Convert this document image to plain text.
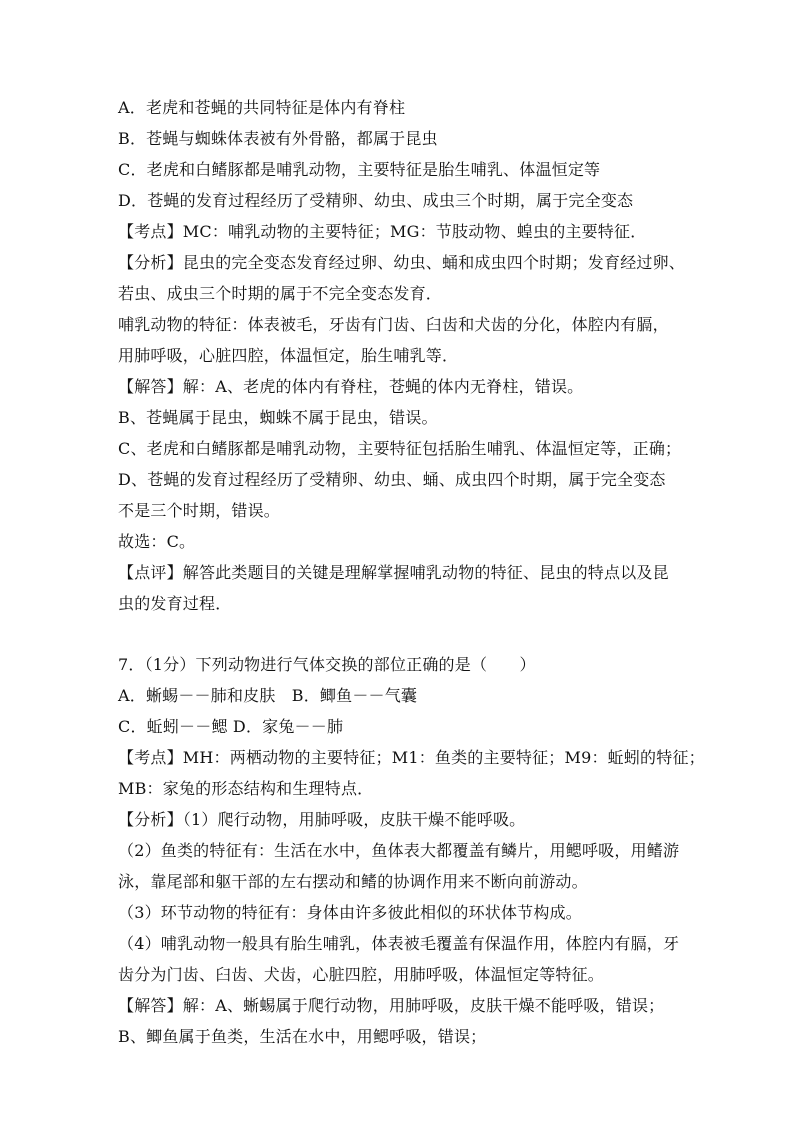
A．老虎和苍蝇的共同特征是体内有脊柱
B．苍蝇与蜘蛛体表被有外骨骼，都属于昆虫
C．老虎和白鳍豚都是哺乳动物，主要特征是胎生哺乳、体温恒定等
D．苍蝇的发育过程经历了受精卵、幼虫、成虫三个时期，属于完全变态
【考点】MC：哺乳动物的主要特征；MG：节肢动物、蝗虫的主要特征．
【分析】昆虫的完全变态发育经过卵、幼虫、蛹和成虫四个时期；发育经过卵、
若虫、成虫三个时期的属于不完全变态发育．
哺乳动物的特征：体表被毛，牙齿有门齿、臼齿和犬齿的分化，体腔内有膈，
用肺呼吸，心脏四腔，体温恒定，胎生哺乳等．
【解答】解：A、老虎的体内有脊柱，苍蝇的体内无脊柱，错误。
B、苍蝇属于昆虫，蜘蛛不属于昆虫，错误。
C、老虎和白鳍豚都是哺乳动物，主要特征包括胎生哺乳、体温恒定等，正确；
D、苍蝇的发育过程经历了受精卵、幼虫、蛹、成虫四个时期，属于完全变态
不是三个时期，错误。
故选：C。
【点评】解答此类题目的关键是理解掌握哺乳动物的特征、昆虫的特点以及昆
虫的发育过程．
7．（1分）下列动物进行气体交换的部位正确的是（　　）
A．蜥蜴－－肺和皮肤　B．鲫鱼－－气囊
C．蚯蚓－－鳃 D．家兔－－肺
【考点】MH：两栖动物的主要特征；M1：鱼类的主要特征；M9：蚯蚓的特征；
MB：家兔的形态结构和生理特点．
【分析】（1）爬行动物，用肺呼吸，皮肤干燥不能呼吸。
（2）鱼类的特征有：生活在水中，鱼体表大都覆盖有鳞片，用鳃呼吸，用鳍游
泳，靠尾部和躯干部的左右摆动和鳍的协调作用来不断向前游动。
（3）环节动物的特征有：身体由许多彼此相似的环状体节构成。
（4）哺乳动物一般具有胎生哺乳，体表被毛覆盖有保温作用，体腔内有膈，牙
齿分为门齿、臼齿、犬齿，心脏四腔，用肺呼吸，体温恒定等特征。
【解答】解：A、蜥蜴属于爬行动物，用肺呼吸，皮肤干燥不能呼吸，错误；
B、鲫鱼属于鱼类，生活在水中，用鳃呼吸，错误；
